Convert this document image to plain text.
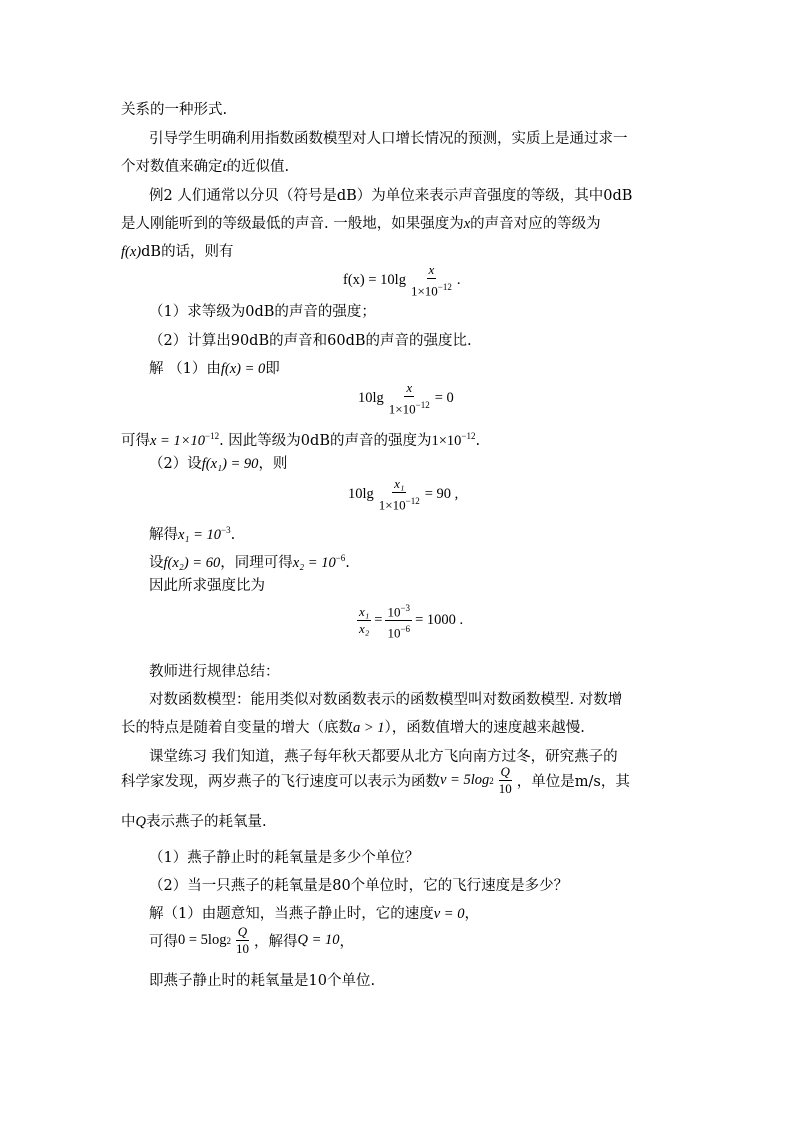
关系的一种形式.
引导学生明确利用指数函数模型对人口增长情况的预测，实质上是通过求一
个对数值来确定t的近似值.
例2 人们通常以分贝（符号是dB）为单位来表示声音强度的等级，其中0dB
是人刚能听到的等级最低的声音. 一般地，如果强度为x的声音对应的等级为
f(x)dB的话，则有
$f(x) = 10\lg \frac{x}{1\times 10^{-12}}$ .
（1）求等级为0dB的声音的强度；
（2）计算出90dB的声音和60dB的声音的强度比.
解 （1）由f(x) = 0即
$10\lg \frac{x}{1\times 10^{-12}} = 0$
可得$x = 1\times 10^{-12}$. 因此等级为0dB的声音的强度为$1\times 10^{-12}$.
（2）设f(x₁) = 90，则
$10\lg \frac{\text{x₁}}{1\times 10^{-12}} = 90$ ,
解得$x_1 = 10^{-3}$.
设f(x₂) = 60，同理可得$x_2 = 10^{-6}$.
因此所求强度比为
$\frac{\text{x₁}}{\text{x₂}} = \frac{10^{-3}}{10^{-6}} = 1000$ .
教师进行规律总结：
对数函数模型：能用类似对数函数表示的函数模型叫对数函数模型. 对数增
长的特点是随着自变量的增大（底数a > 1），函数值增大的速度越来越慢.
课堂练习 我们知道，燕子每年秋天都要从北方飞向南方过冬，研究燕子的
科学家发现，两岁燕子的飞行速度可以表示为函数 v = 5log $2 \frac{Q}{10}$ ，单位是m/s，其
中Q表示燕子的耗氧量.
（1）燕子静止时的耗氧量是多少个单位？
（2）当一只燕子的耗氧量是80个单位时，它的飞行速度是多少？
解（1）由题意知，当燕子静止时，它的速度v = 0，
可得 0 = 5log $2 \frac{Q}{10}$ ，解得 Q = 10 ，
即燕子静止时的耗氧量是10个单位.
